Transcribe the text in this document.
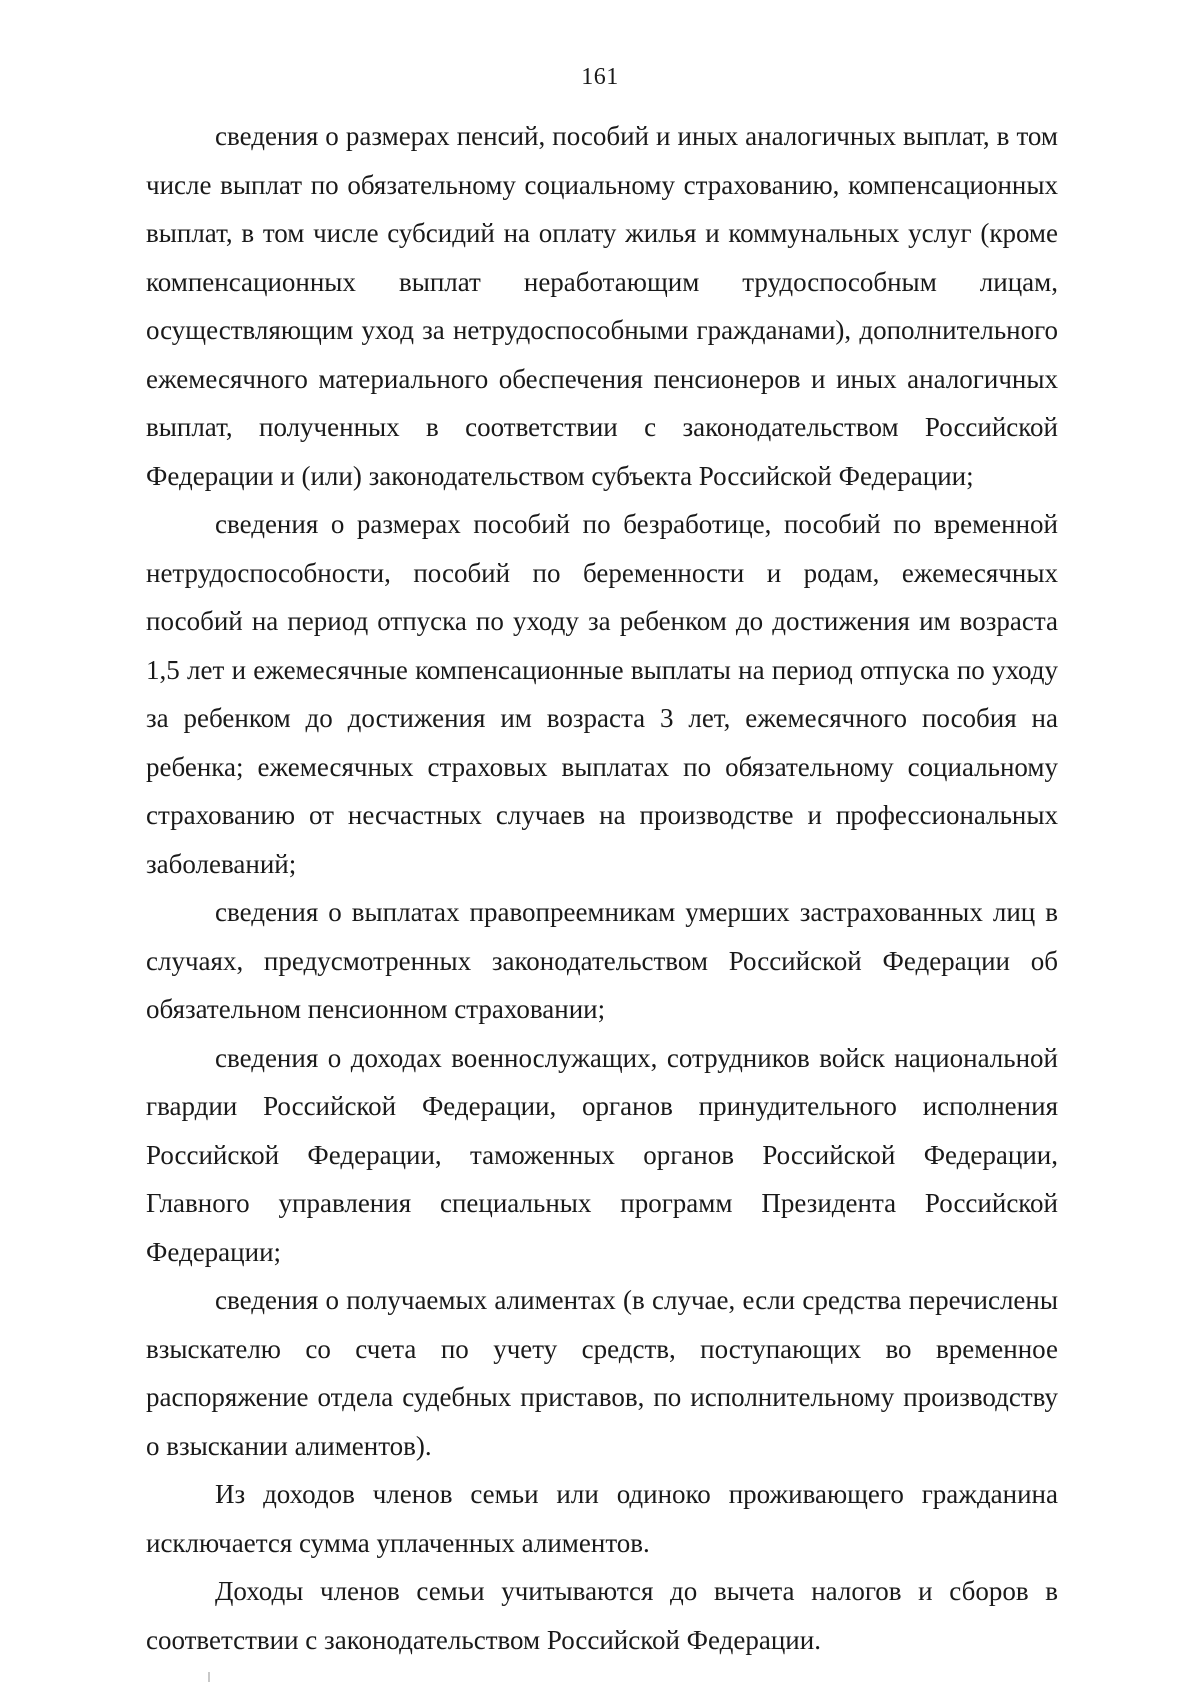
161

сведения о размерах пенсий, пособий и иных аналогичных выплат, в том числе выплат по обязательному социальному страхованию, компенсационных выплат, в том числе субсидий на оплату жилья и коммунальных услуг (кроме компенсационных выплат неработающим трудоспособным лицам, осуществляющим уход за нетрудоспособными гражданами), дополнительного ежемесячного материального обеспечения пенсионеров и иных аналогичных выплат, полученных в соответствии с законодательством Российской Федерации и (или) законодательством субъекта Российской Федерации;

сведения о размерах пособий по безработице, пособий по временной нетрудоспособности, пособий по беременности и родам, ежемесячных пособий на период отпуска по уходу за ребенком до достижения им возраста 1,5 лет и ежемесячные компенсационные выплаты на период отпуска по уходу за ребенком до достижения им возраста 3 лет, ежемесячного пособия на ребенка; ежемесячных страховых выплатах по обязательному социальному страхованию от несчастных случаев на производстве и профессиональных заболеваний;

сведения о выплатах правопреемникам умерших застрахованных лиц в случаях, предусмотренных законодательством Российской Федерации об обязательном пенсионном страховании;

сведения о доходах военнослужащих, сотрудников войск национальной гвардии Российской Федерации, органов принудительного исполнения Российской Федерации, таможенных органов Российской Федерации, Главного управления специальных программ Президента Российской Федерации;

сведения о получаемых алиментах (в случае, если средства перечислены взыскателю со счета по учету средств, поступающих во временное распоряжение отдела судебных приставов, по исполнительному производству о взыскании алиментов).

Из доходов членов семьи или одиноко проживающего гражданина исключается сумма уплаченных алиментов.

Доходы членов семьи учитываются до вычета налогов и сборов в соответствии с законодательством Российской Федерации.
